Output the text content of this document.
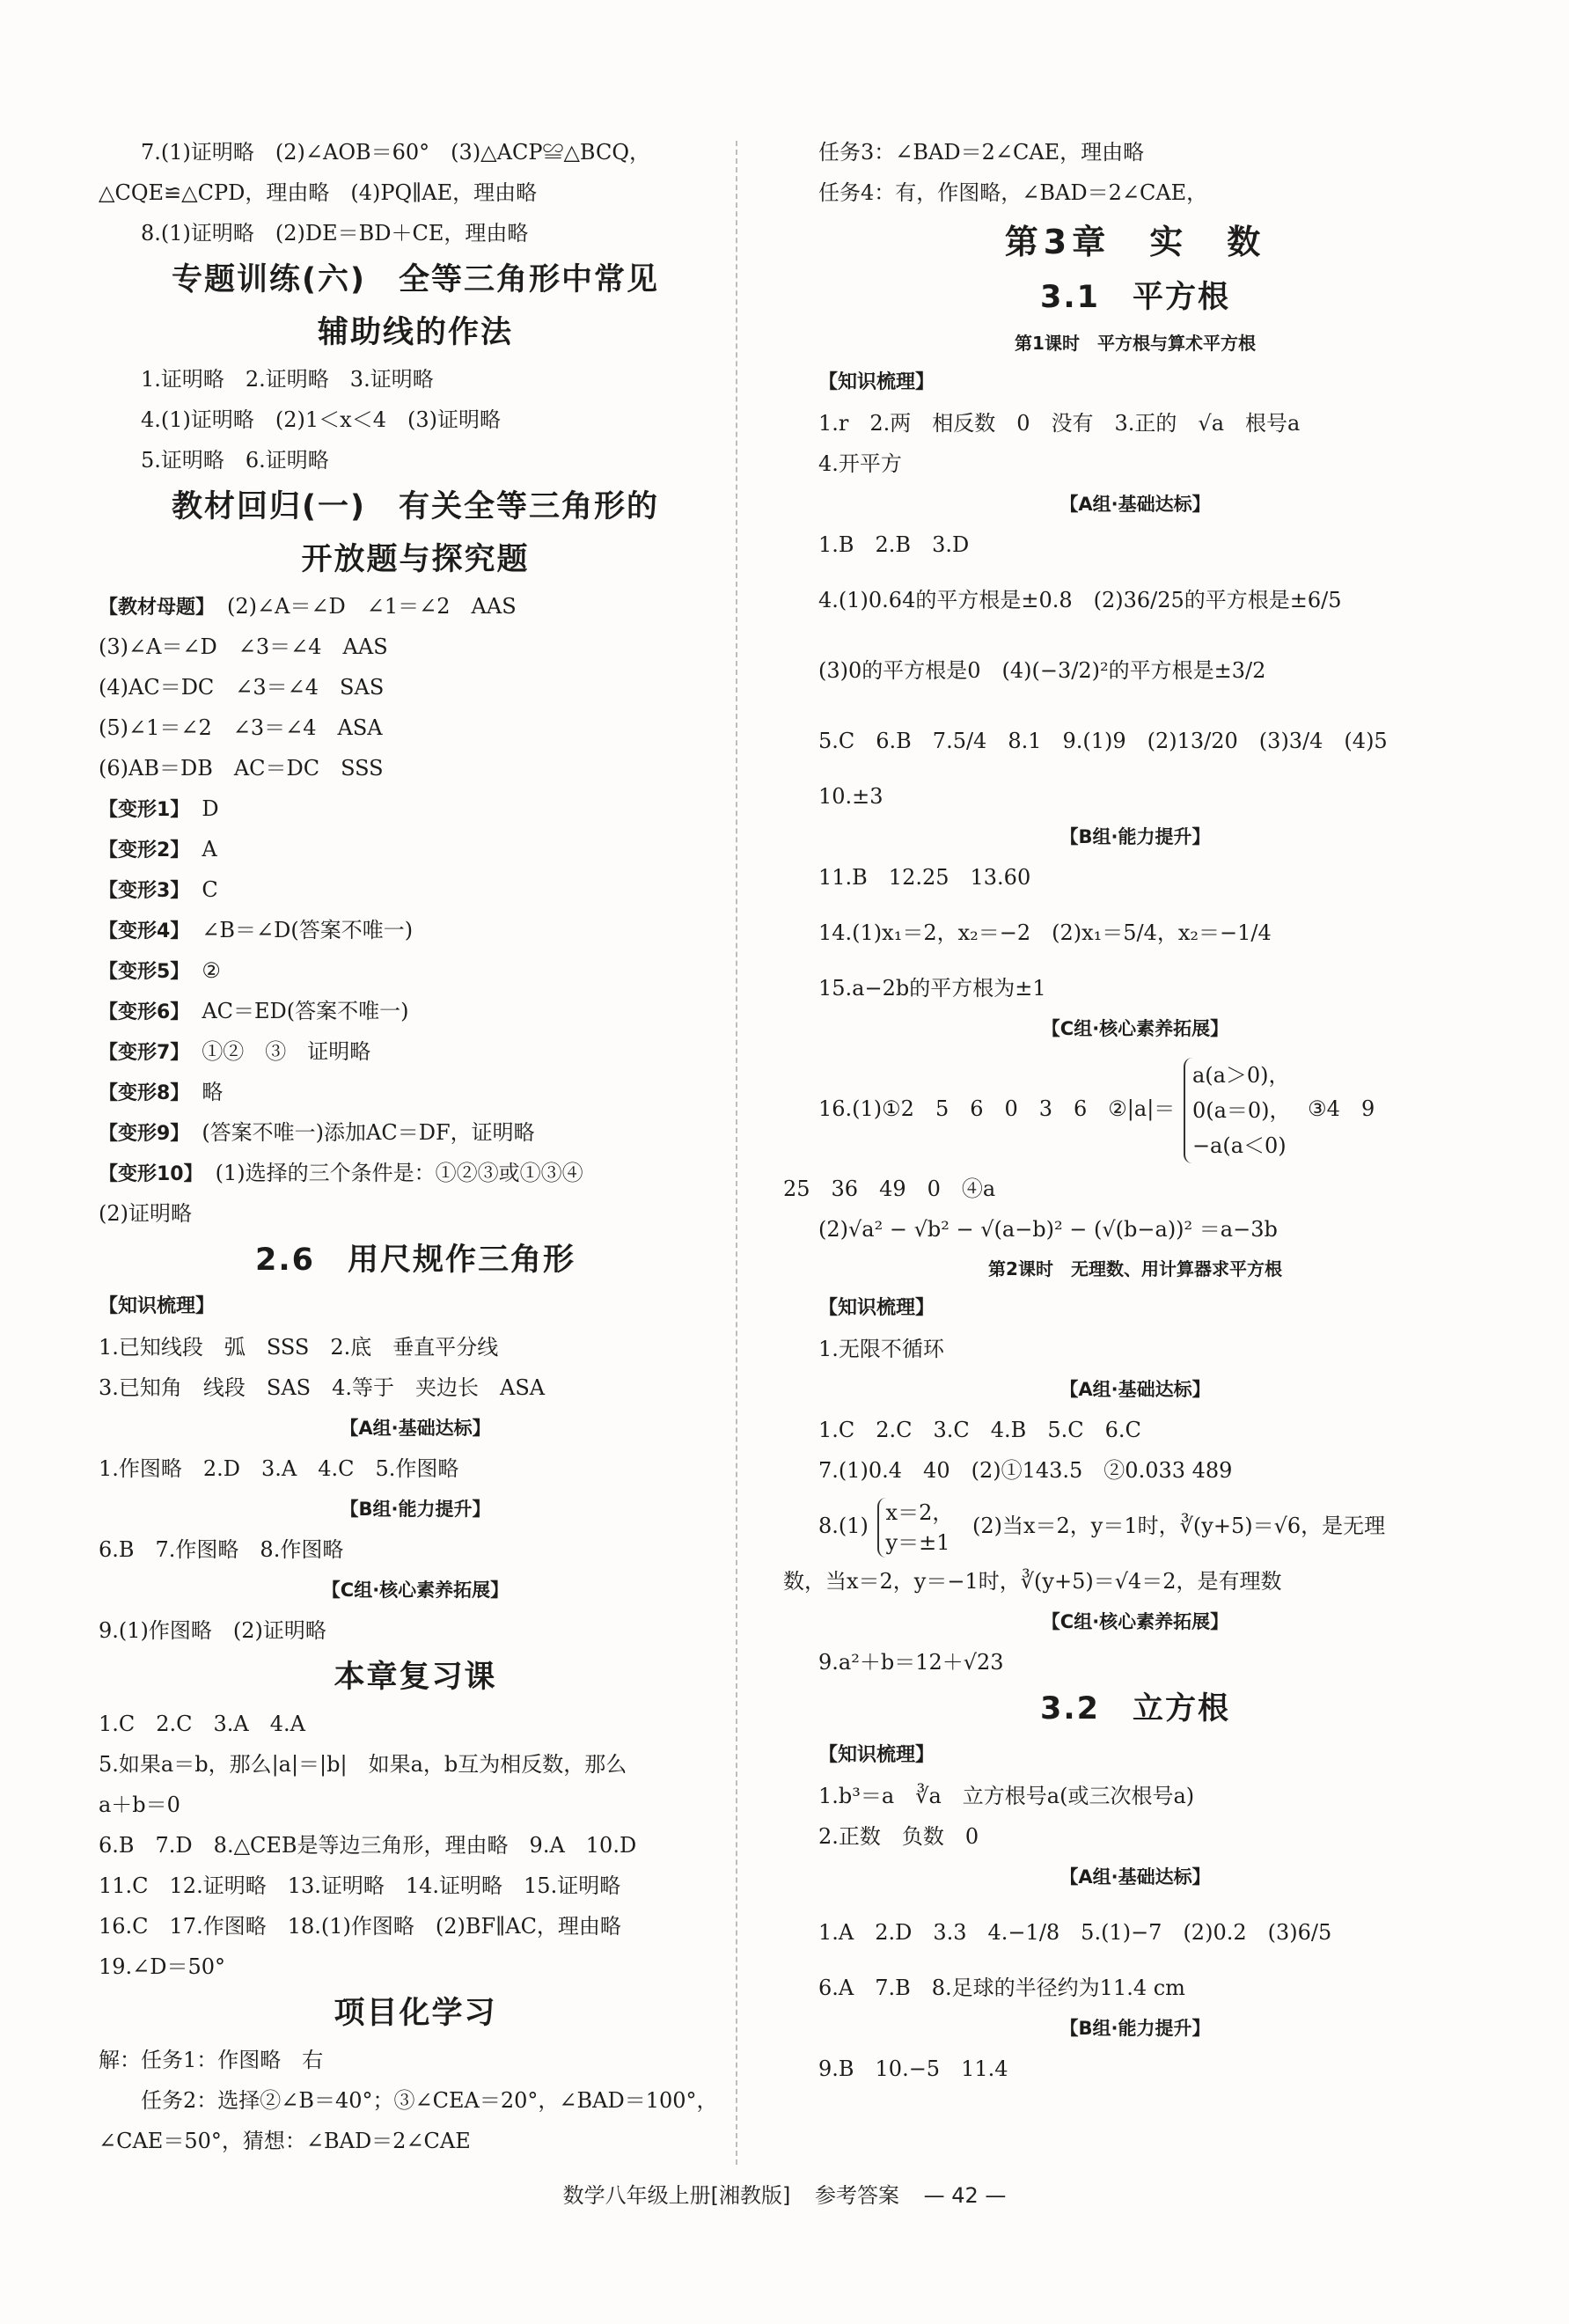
7.(1)证明略　(2)∠AOB＝60°　(3)△ACP≌△BCQ，
△CQE≌△CPD，理由略　(4)PQ∥AE，理由略
8.(1)证明略　(2)DE＝BD＋CE，理由略
专题训练(六)　全等三角形中常见
辅助线的作法
1.证明略　2.证明略　3.证明略
4.(1)证明略　(2)1＜x＜4　(3)证明略
5.证明略　6.证明略
教材回归(一)　有关全等三角形的
开放题与探究题
【教材母题】 (2)∠A＝∠D　∠1＝∠2　AAS
(3)∠A＝∠D　∠3＝∠4　AAS
(4)AC＝DC　∠3＝∠4　SAS
(5)∠1＝∠2　∠3＝∠4　ASA
(6)AB＝DB　AC＝DC　SSS
【变形1】 D
【变形2】 A
【变形3】 C
【变形4】 ∠B＝∠D(答案不唯一)
【变形5】 ②
【变形6】 AC＝ED(答案不唯一)
【变形7】 ①②　③　证明略
【变形8】 略
【变形9】 (答案不唯一)添加AC＝DF，证明略
【变形10】 (1)选择的三个条件是：①②③或①③④
(2)证明略
2.6　用尺规作三角形
【知识梳理】
1.已知线段　弧　SSS　2.底　垂直平分线
3.已知角　线段　SAS　4.等于　夹边长　ASA
【A组·基础达标】
1.作图略　2.D　3.A　4.C　5.作图略
【B组·能力提升】
6.B　7.作图略　8.作图略
【C组·核心素养拓展】
9.(1)作图略　(2)证明略
本章复习课
1.C　2.C　3.A　4.A
5.如果a＝b，那么|a|＝|b|　如果a，b互为相反数，那么
a＋b＝0
6.B　7.D　8.△CEB是等边三角形，理由略　9.A　10.D
11.C　12.证明略　13.证明略　14.证明略　15.证明略
16.C　17.作图略　18.(1)作图略　(2)BF∥AC，理由略
19.∠D＝50°
项目化学习
解：任务1：作图略　右
任务2：选择②∠B＝40°；③∠CEA＝20°，∠BAD＝100°，
∠CAE＝50°，猜想：∠BAD＝2∠CAE
任务3：∠BAD＝2∠CAE，理由略
任务4：有，作图略，∠BAD＝2∠CAE，
第3章　实　数
3.1　平方根
第1课时　平方根与算术平方根
【知识梳理】
1.r　2.两　相反数　0　没有　3.正的　√a　根号a
4.开平方
【A组·基础达标】
1.B　2.B　3.D
4.(1)0.64的平方根是±0.8　(2)36/25的平方根是±6/5
(3)0的平方根是0　(4)(−3/2)²的平方根是±3/2
5.C　6.B　7.5/4　8.1　9.(1)9　(2)13/20　(3)3/4　(4)5
10.±3
【B组·能力提升】
11.B　12.25　13.60
14.(1)x₁＝2，x₂＝−2　(2)x₁＝5/4，x₂＝−1/4
15.a−2b的平方根为±1
【C组·核心素养拓展】
16.(1)①2　5　6　0　3　6　②|a|＝
a(a＞0)，
0(a＝0)，
−a(a＜0)
③4　9
25　36　49　0　④a
(2)√a² − √b² − √(a−b)² − (√(b−a))² ＝a−3b
第2课时　无理数、用计算器求平方根
【知识梳理】
1.无限不循环
【A组·基础达标】
1.C　2.C　3.C　4.B　5.C　6.C
7.(1)0.4　40　(2)①143.5　②0.033 489
8.(1)
x＝2，
y＝±1
(2)当x＝2，y＝1时，∛(y+5)＝√6，是无理
数，当x＝2，y＝−1时，∛(y+5)＝√4＝2，是有理数
【C组·核心素养拓展】
9.a²＋b＝12＋√23
3.2　立方根
【知识梳理】
1.b³＝a　∛a　立方根号a(或三次根号a)
2.正数　负数　0
【A组·基础达标】
1.A　2.D　3.3　4.−1/8　5.(1)−7　(2)0.2　(3)6/5
6.A　7.B　8.足球的半径约为11.4 cm
【B组·能力提升】
9.B　10.−5　11.4
数学八年级上册[湘教版] 参考答案 — 42 —
